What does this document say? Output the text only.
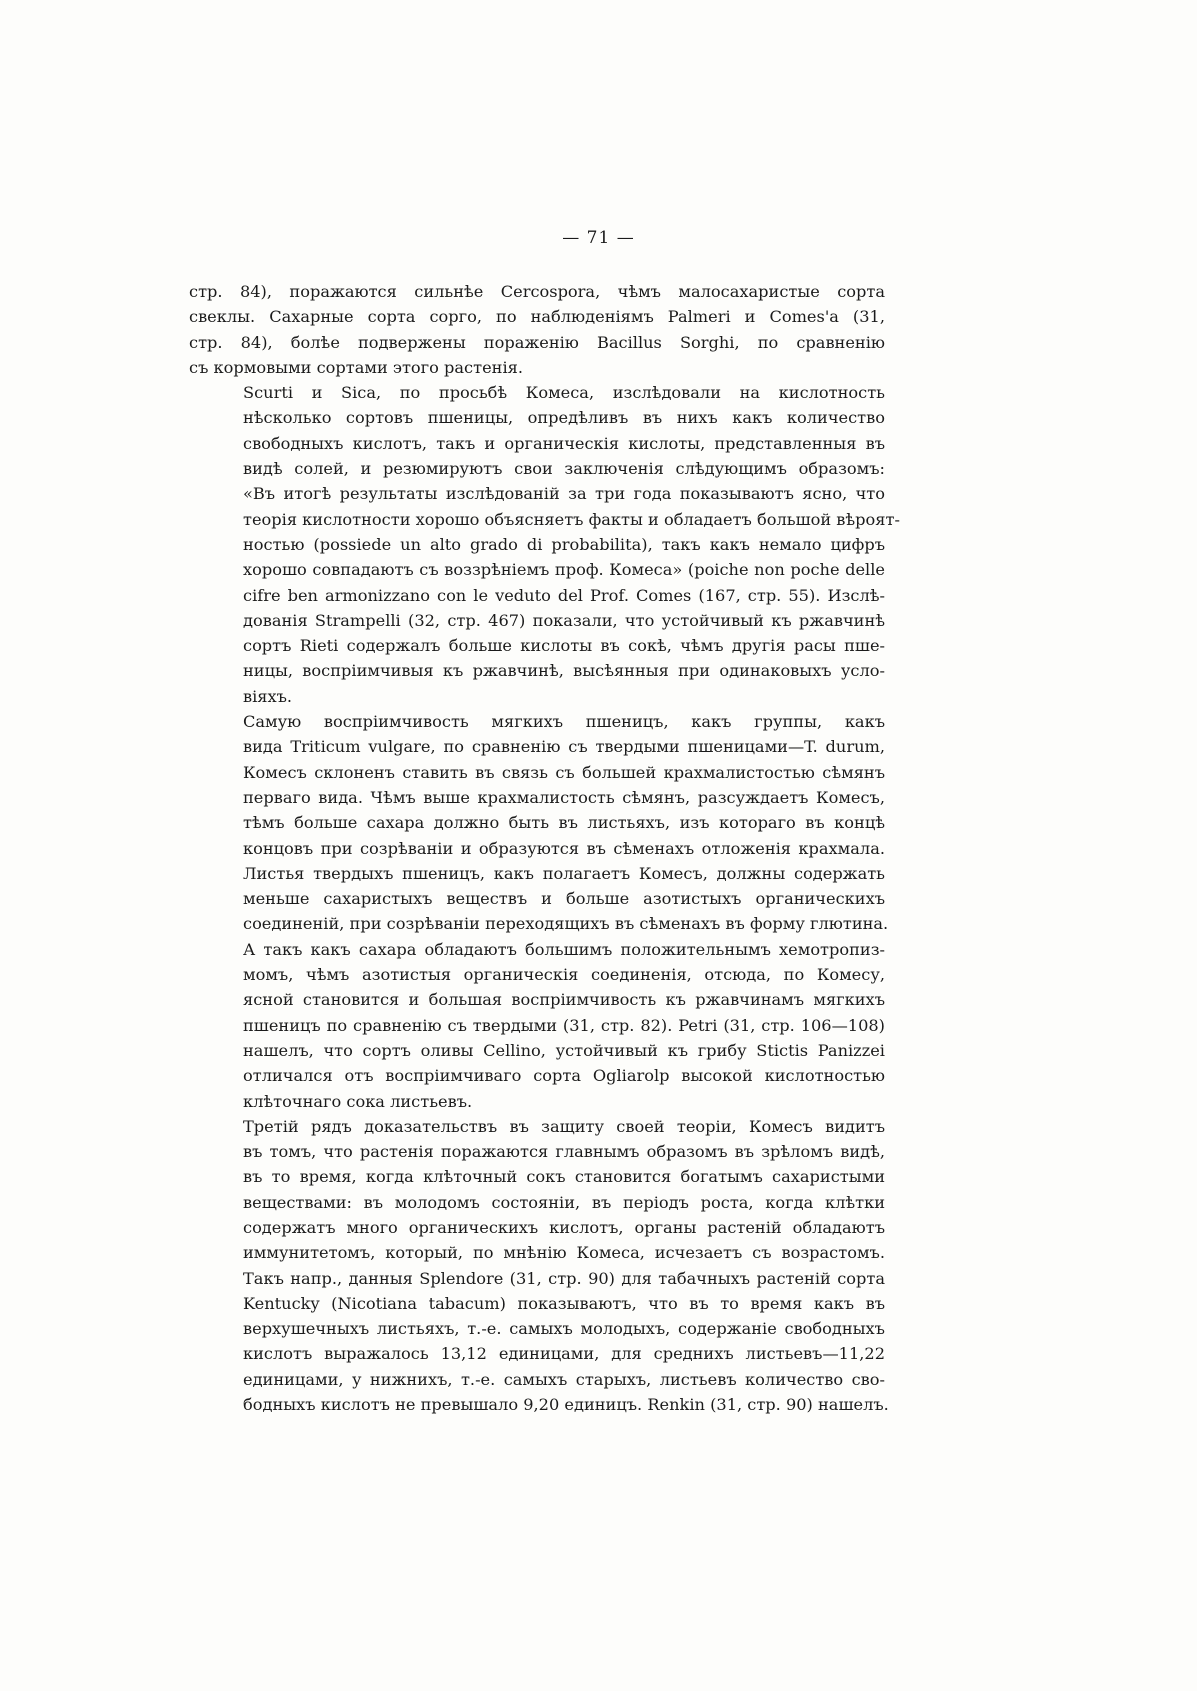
— 71 —
стр. 84), поражаются сильнѣе Cercospora, чѣмъ малосахаристые сорта
свеклы. Сахарные сорта сорго, по наблюденіямъ Palmeri и Comes'a (31,
стр. 84), болѣе подвержены пораженію Bacillus Sorghi, по сравненію
съ кормовыми сортами этого растенія.
Scurti и Sica, по просьбѣ Комеса, изслѣдовали на кислотность
нѣсколько сортовъ пшеницы, опредѣливъ въ нихъ какъ количество
свободныхъ кислотъ, такъ и органическія кислоты, представленныя въ
видѣ солей, и резюмируютъ свои заключенія слѣдующимъ образомъ:
«Въ итогѣ результаты изслѣдованій за три года показываютъ ясно, что
теорія кислотности хорошо объясняетъ факты и обладаетъ большой вѣроят-
ностью (possiede un alto grado di probabilita), такъ какъ немало цифръ
хорошо совпадаютъ съ воззрѣніемъ проф. Комеса» (poiche non poche delle
cifre ben armonizzano con le veduto del Prof. Comes (167, стр. 55). Изслѣ-
дованія Strampelli (32, стр. 467) показали, что устойчивый къ ржавчинѣ
сортъ Rieti содержалъ больше кислоты въ сокѣ, чѣмъ другія расы пше-
ницы, воспріимчивыя къ ржавчинѣ, высѣянныя при одинаковыхъ усло-
віяхъ.
Самую воспріимчивость мягкихъ пшеницъ, какъ группы, какъ
вида Triticum vulgare, по сравненію съ твердыми пшеницами—T. durum,
Комесъ склоненъ ставить въ связь съ большей крахмалистостью сѣмянъ
перваго вида. Чѣмъ выше крахмалистость сѣмянъ, разсуждаетъ Комесъ,
тѣмъ больше сахара должно быть въ листьяхъ, изъ котораго въ концѣ
концовъ при созрѣваніи и образуются въ сѣменахъ отложенія крахмала.
Листья твердыхъ пшеницъ, какъ полагаетъ Комесъ, должны содержать
меньше сахаристыхъ веществъ и больше азотистыхъ органическихъ
соединеній, при созрѣваніи переходящихъ въ сѣменахъ въ форму глютина.
А такъ какъ сахара обладаютъ большимъ положительнымъ хемотропиз-
момъ, чѣмъ азотистыя органическія соединенія, отсюда, по Комесу,
ясной становится и большая воспріимчивость къ ржавчинамъ мягкихъ
пшеницъ по сравненію съ твердыми (31, стр. 82). Petri (31, стр. 106—108)
нашелъ, что сортъ оливы Cellino, устойчивый къ грибу Stictis Panizzei
отличался отъ воспріимчиваго сорта Ogliarolp высокой кислотностью
клѣточнаго сока листьевъ.
Третій рядъ доказательствъ въ защиту своей теоріи, Комесъ видитъ
въ томъ, что растенія поражаются главнымъ образомъ въ зрѣломъ видѣ,
въ то время, когда клѣточный сокъ становится богатымъ сахаристыми
веществами: въ молодомъ состояніи, въ періодъ роста, когда клѣтки
содержатъ много органическихъ кислотъ, органы растеній обладаютъ
иммунитетомъ, который, по мнѣнію Комеса, исчезаетъ съ возрастомъ.
Такъ напр., данныя Splendore (31, стр. 90) для табачныхъ растеній сорта
Kentucky (Nicotiana tabacum) показываютъ, что въ то время какъ въ
верхушечныхъ листьяхъ, т.-е. самыхъ молодыхъ, содержаніе свободныхъ
кислотъ выражалось 13,12 единицами, для среднихъ листьевъ—11,22
единицами, у нижнихъ, т.-е. самыхъ старыхъ, листьевъ количество сво-
бодныхъ кислотъ не превышало 9,20 единицъ. Renkin (31, стр. 90) нашелъ.
